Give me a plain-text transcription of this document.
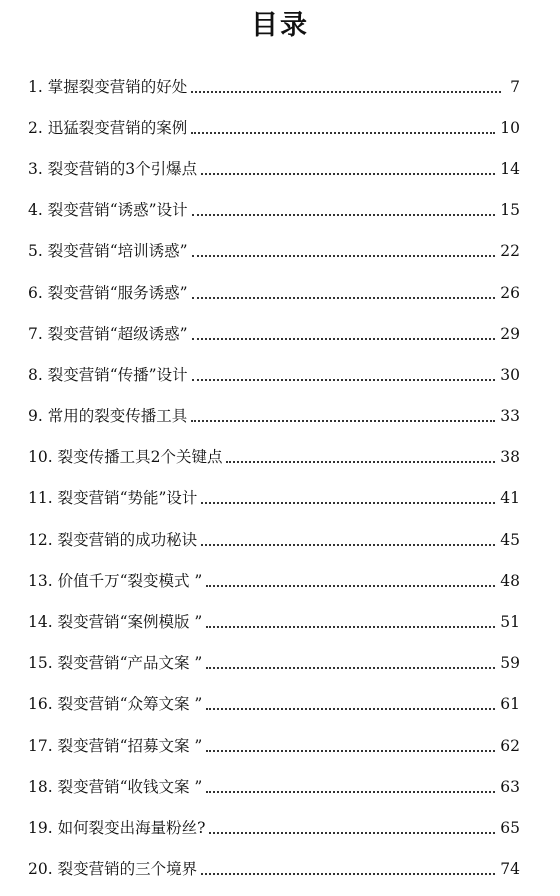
目录
1. 掌握裂变营销的好处	7
2. 迅猛裂变营销的案例	10
3. 裂变营销的3个引爆点	14
4. 裂变营销“诱惑”设计	15
5. 裂变营销“培训诱惑”	22
6. 裂变营销“服务诱惑”	26
7. 裂变营销“超级诱惑”	29
8. 裂变营销“传播”设计	30
9. 常用的裂变传播工具	33
10. 裂变传播工具2个关键点	38
11. 裂变营销“势能”设计	41
12. 裂变营销的成功秘诀	45
13. 价值千万“裂变模式 ”	48
14. 裂变营销“案例模版 ”	51
15. 裂变营销“产品文案 ”	59
16. 裂变营销“众筹文案 ”	61
17. 裂变营销“招募文案 ”	62
18. 裂变营销“收钱文案 ”	63
19. 如何裂变出海量粉丝?	65
20. 裂变营销的三个境界	74
